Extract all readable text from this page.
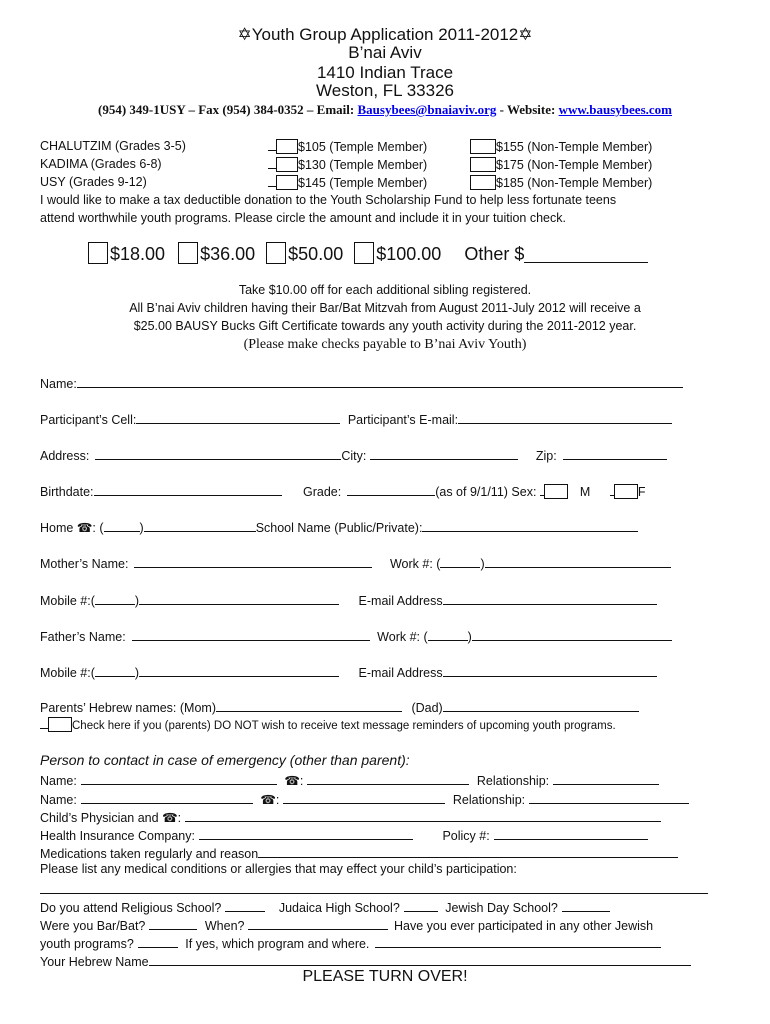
✡Youth Group Application 2011-2012✡
B’nai Aviv
1410 Indian Trace
Weston, FL 33326
(954) 349-1USY – Fax (954) 384-0352 – Email: Bausybees@bnaiaviv.org - Website: www.bausybees.com
CHALUTZIM (Grades 3-5)	$105 (Temple Member)	$155 (Non-Temple Member)
KADIMA (Grades 6-8)	$130 (Temple Member)	$175 (Non-Temple Member)
USY (Grades 9-12)	$145 (Temple Member)	$185 (Non-Temple Member)
I would like to make a tax deductible donation to the Youth Scholarship Fund to help less fortunate teens
attend worthwhile youth programs. Please circle the amount and include it in your tuition check.
$18.00 $36.00 $50.00 $100.00 Other $
Take $10.00 off for each additional sibling registered.
All B’nai Aviv children having their Bar/Bat Mitzvah from August 2011-July 2012 will receive a
$25.00 BAUSY Bucks Gift Certificate towards any youth activity during the 2011-2012 year.
(Please make checks payable to B’nai Aviv Youth)
Name:
Participant’s Cell:	Participant’s E-mail:
Address:	City:	Zip:
Birthdate:	Grade:	(as of 9/1/11) Sex:	M	F
Home ☎: (	)	School Name (Public/Private):
Mother’s Name:	Work #: (	)
Mobile #:(	)	E-mail Address
Father’s Name:	Work #: (	)
Mobile #:(	)	E-mail Address
Parents’ Hebrew names: (Mom)	(Dad)
Check here if you (parents) DO NOT wish to receive text message reminders of upcoming youth programs.
Person to contact in case of emergency (other than parent):
Name:	☎:	Relationship:
Name:	☎:	Relationship:
Child’s Physician and ☎:
Health Insurance Company:	Policy #:
Medications taken regularly and reason
Please list any medical conditions or allergies that may effect your child’s participation:
Do you attend Religious School?	Judaica High School?	Jewish Day School?
Were you Bar/Bat?	When?	Have you ever participated in any other Jewish
youth programs?	If yes, which program and where.
Your Hebrew Name
PLEASE TURN OVER!
